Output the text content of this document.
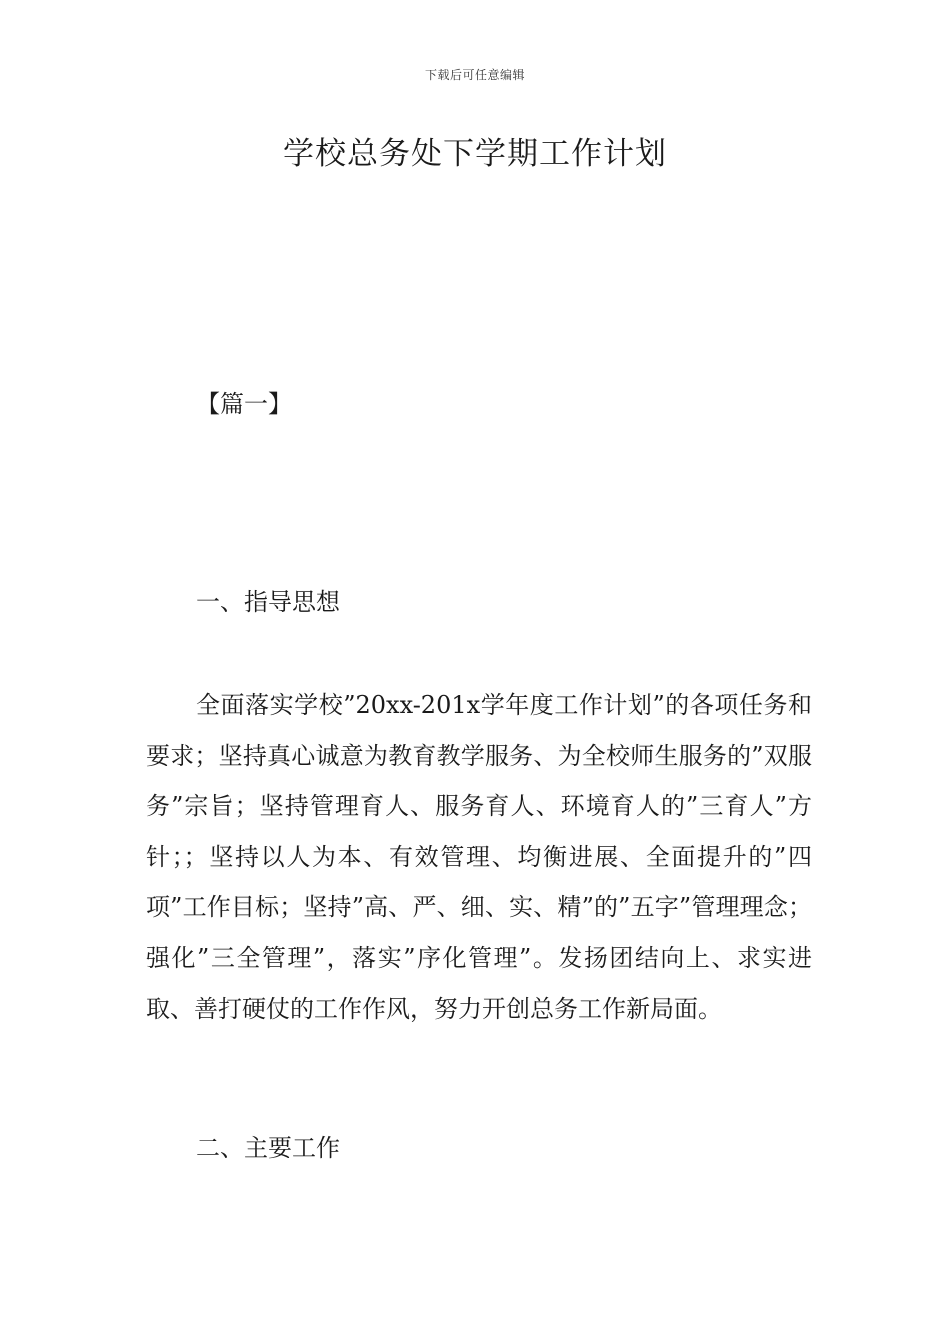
下载后可任意编辑
学校总务处下学期工作计划
【篇一】
一、指导思想

全面落实学校”20xx-201x学年度工作计划”的各项任务和要求；坚持真心诚意为教育教学服务、为全校师生服务的”双服务”宗旨；坚持管理育人、服务育人、环境育人的”三育人”方针；；坚持以人为本、有效管理、均衡进展、全面提升的”四项”工作目标；坚持”高、严、细、实、精”的”五字”管理理念；强化”三全管理”，落实”序化管理”。发扬团结向上、求实进取、善打硬仗的工作作风，努力开创总务工作新局面。

二、主要工作
